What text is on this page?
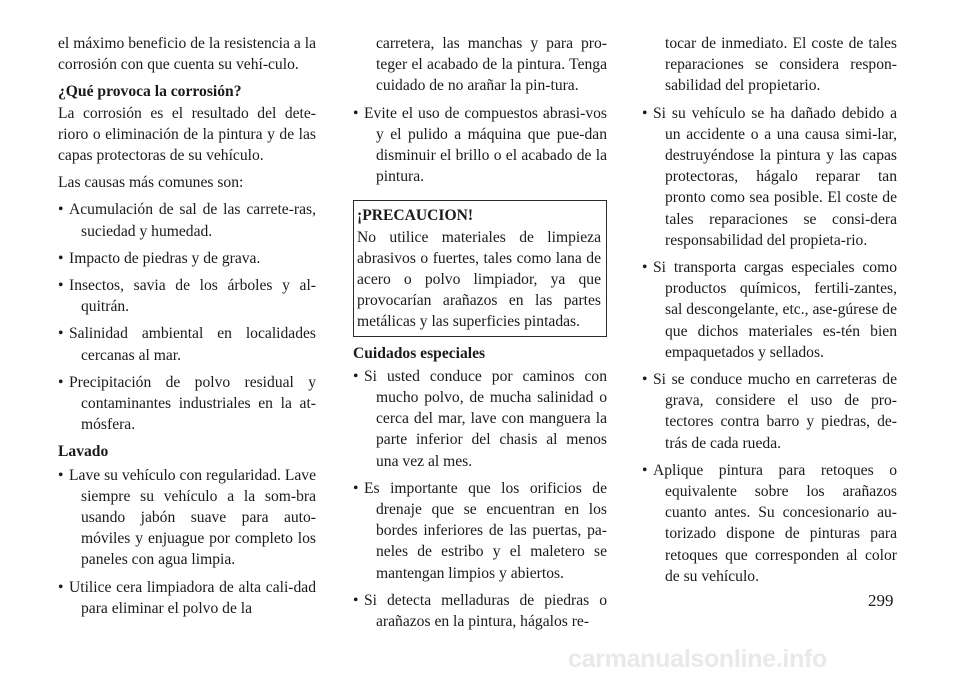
el máximo beneficio de la resistencia a la corrosión con que cuenta su vehí-culo.

¿Qué provoca la corrosión?

La corrosión es el resultado del dete-rioro o eliminación de la pintura y de las capas protectoras de su vehículo.

Las causas más comunes son:

• Acumulación de sal de las carrete-ras, suciedad y humedad.
• Impacto de piedras y de grava.
• Insectos, savia de los árboles y al-quitrán.
• Salinidad ambiental en localidades cercanas al mar.
• Precipitación de polvo residual y contaminantes industriales en la at-mósfera.

Lavado

• Lave su vehículo con regularidad. Lave siempre su vehículo a la som-bra usando jabón suave para auto-móviles y enjuague por completo los paneles con agua limpia.
• Utilice cera limpiadora de alta cali-dad para eliminar el polvo de la

carretera, las manchas y para pro-teger el acabado de la pintura. Tenga cuidado de no arañar la pin-tura.

• Evite el uso de compuestos abrasi-vos y el pulido a máquina que pue-dan disminuir el brillo o el acabado de la pintura.

¡PRECAUCION!

No utilice materiales de limpieza abrasivos o fuertes, tales como lana de acero o polvo limpiador, ya que provocarían arañazos en las partes metálicas y las superficies pintadas.

Cuidados especiales

• Si usted conduce por caminos con mucho polvo, de mucha salinidad o cerca del mar, lave con manguera la parte inferior del chasis al menos una vez al mes.
• Es importante que los orificios de drenaje que se encuentran en los bordes inferiores de las puertas, pa-neles de estribo y el maletero se mantengan limpios y abiertos.
• Si detecta melladuras de piedras o arañazos en la pintura, hágalos re-

tocar de inmediato. El coste de tales reparaciones se considera respon-sabilidad del propietario.

• Si su vehículo se ha dañado debido a un accidente o a una causa simi-lar, destruyéndose la pintura y las capas protectoras, hágalo reparar tan pronto como sea posible. El coste de tales reparaciones se consi-dera responsabilidad del propieta-rio.
• Si transporta cargas especiales como productos químicos, fertili-zantes, sal descongelante, etc., ase-gúrese de que dichos materiales es-tén bien empaquetados y sellados.
• Si se conduce mucho en carreteras de grava, considere el uso de pro-tectores contra barro y piedras, de-trás de cada rueda.
• Aplique pintura para retoques o equivalente sobre los arañazos cuanto antes. Su concesionario au-torizado dispone de pinturas para retoques que corresponden al color de su vehículo.
299
carmanualsonline.info
